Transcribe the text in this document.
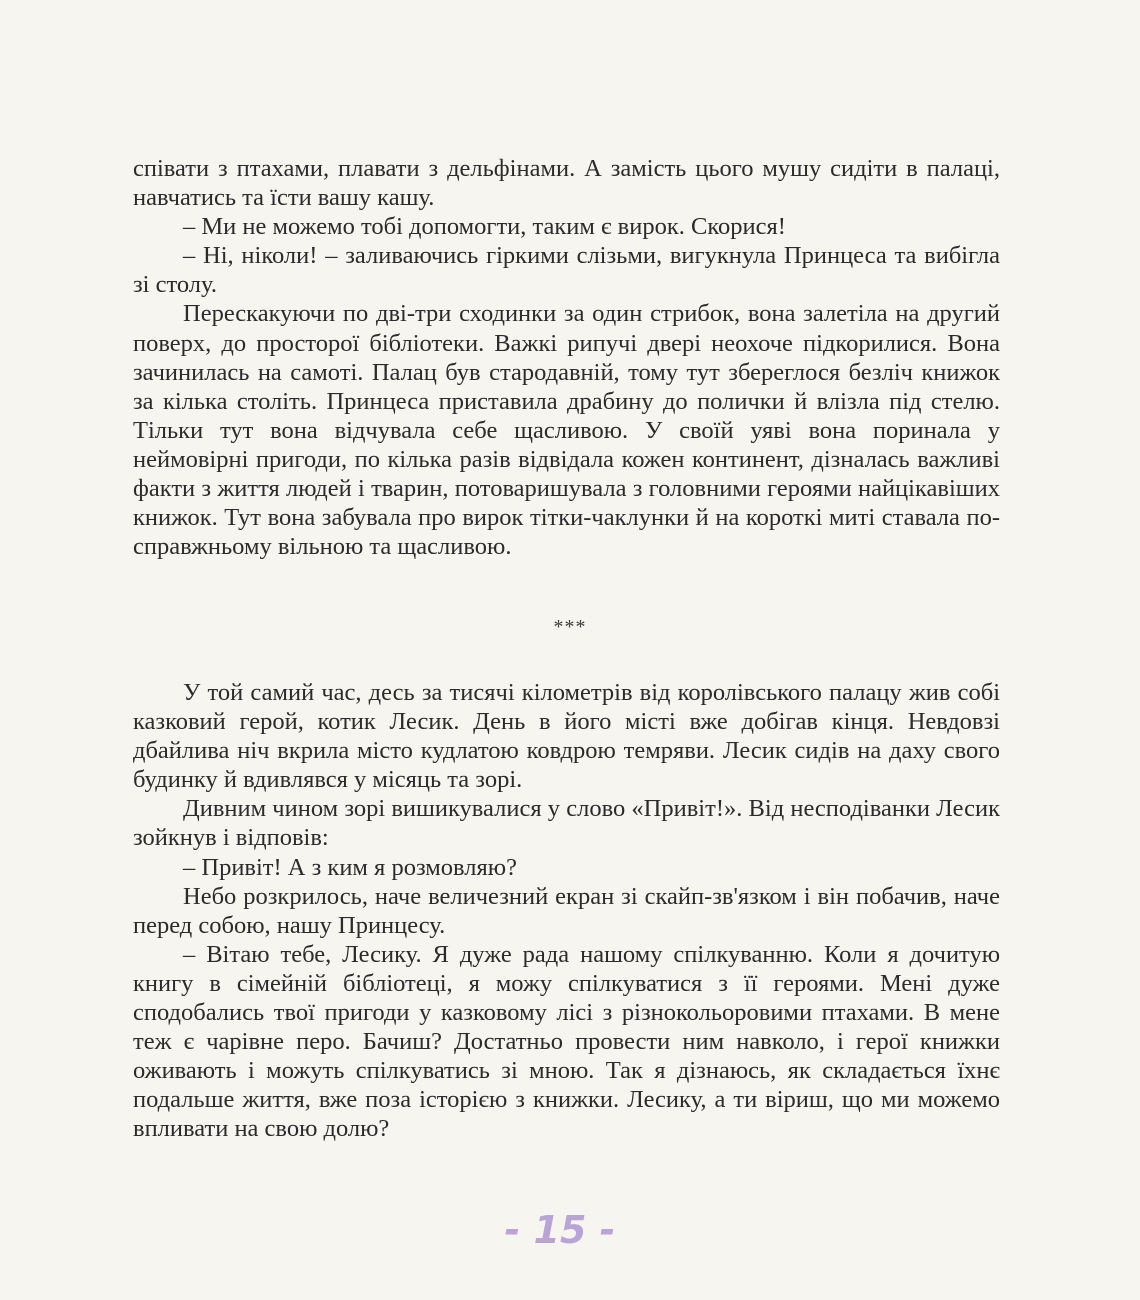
співати з птахами, плавати з дельфінами. А замість цього мушу сидіти в палаці, навчатись та їсти вашу кашу.

– Ми не можемо тобі допомогти, таким є вирок. Скорися!

– Ні, ніколи! – заливаючись гіркими слізьми, вигукнула Принцеса та вибігла зі столу.

Перескакуючи по дві-три сходинки за один стрибок, вона залетіла на другий поверх, до просторої бібліотеки. Важкі рипучі двері неохоче підкорилися. Вона зачинилась на самоті. Палац був стародавній, тому тут збереглося безліч книжок за кілька століть. Принцеса приставила драбину до полички й влізла під стелю. Тільки тут вона відчувала себе щасливою. У своїй уяві вона поринала у неймовірні пригоди, по кілька разів відвідала кожен континент, дізналась важливі факти з життя людей і тварин, потоваришувала з головними героями найцікавіших книжок. Тут вона забувала про вирок тітки-чаклунки й на короткі миті ставала по-справжньому вільною та щасливою.

***

У той самий час, десь за тисячі кілометрів від королівського палацу жив собі казковий герой, котик Лесик. День в його місті вже добігав кінця. Невдовзі дбайлива ніч вкрила місто кудлатою ковдрою темряви. Лесик сидів на даху свого будинку й вдивлявся у місяць та зорі.

Дивним чином зорі вишикувалися у слово «Привіт!». Від несподіванки Лесик зойкнув і відповів:

– Привіт! А з ким я розмовляю?

Небо розкрилось, наче величезний екран зі скайп-зв'язком і він побачив, наче перед собою, нашу Принцесу.

– Вітаю тебе, Лесику. Я дуже рада нашому спілкуванню. Коли я дочитую книгу в сімейній бібліотеці, я можу спілкуватися з її героями. Мені дуже сподобались твої пригоди у казковому лісі з різнокольоровими птахами. В мене теж є чарівне перо. Бачиш? Достатньо провести ним навколо, і герої книжки оживають і можуть спілкуватись зі мною. Так я дізнаюсь, як складається їхнє подальше життя, вже поза історією з книжки. Лесику, а ти віриш, що ми можемо впливати на свою долю?

- 15 -
